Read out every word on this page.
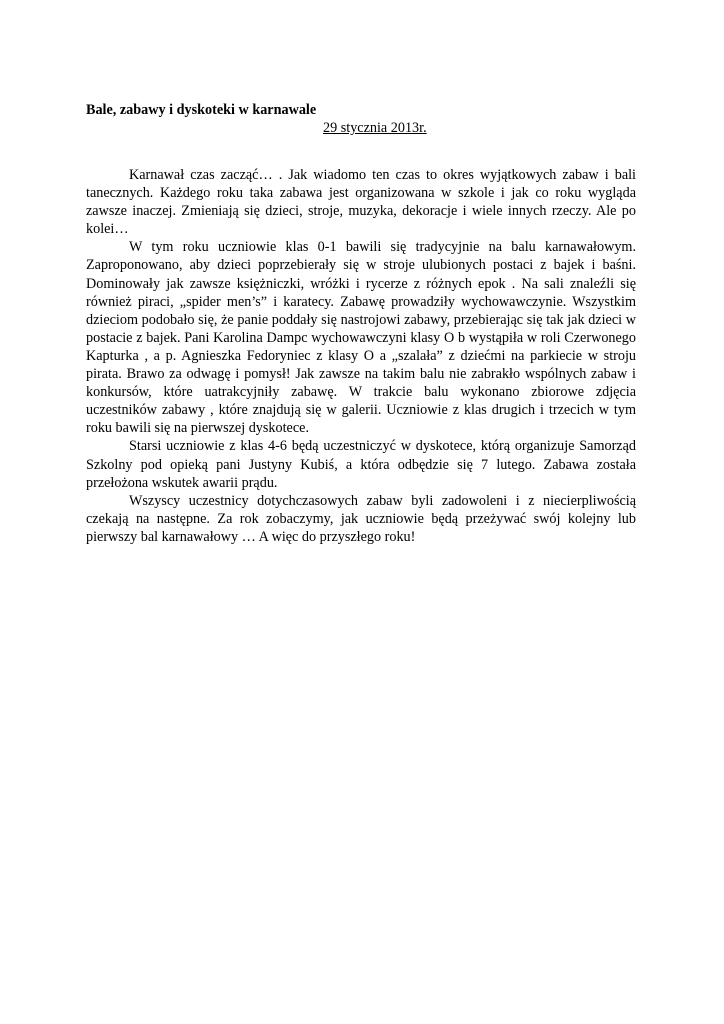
Bale, zabawy i dyskoteki w karnawale
29 stycznia 2013r.

Karnawał czas zacząć… . Jak wiadomo ten czas to okres wyjątkowych zabaw i bali tanecznych. Każdego roku taka zabawa jest organizowana w szkole i jak co roku wygląda zawsze inaczej. Zmieniają się dzieci, stroje, muzyka, dekoracje i wiele innych rzeczy. Ale po kolei…

W tym roku uczniowie klas 0-1 bawili się tradycyjnie na balu karnawałowym. Zaproponowano, aby dzieci poprzebierały się w stroje ulubionych postaci z bajek i baśni. Dominowały jak zawsze księżniczki, wróżki i rycerze z różnych epok . Na sali znaleźli się również piraci, „spider men’s” i karatecy. Zabawę prowadziły wychowawczynie. Wszystkim dzieciom podobało się, że panie poddały się nastrojowi zabawy, przebierając się tak jak dzieci w postacie z bajek. Pani Karolina Dampc wychowawczyni klasy O b wystąpiła w roli Czerwonego Kapturka , a p. Agnieszka Fedoryniec z klasy O a „szalała” z dziećmi na parkiecie w stroju pirata. Brawo za odwagę i pomysł! Jak zawsze na takim balu nie zabrakło wspólnych zabaw i konkursów, które uatrakcyjniły zabawę. W trakcie balu wykonano zbiorowe zdjęcia uczestników zabawy , które znajdują się w galerii. Uczniowie z klas drugich i trzecich w tym roku bawili się na pierwszej dyskotece.

Starsi uczniowie z klas 4-6 będą uczestniczyć w dyskotece, którą organizuje Samorząd Szkolny pod opieką pani Justyny Kubiś, a która odbędzie się 7 lutego. Zabawa została przełożona wskutek awarii prądu.

Wszyscy uczestnicy dotychczasowych zabaw byli zadowoleni i z niecierpliwością czekają na następne. Za rok zobaczymy, jak uczniowie będą przeżywać swój kolejny lub pierwszy bal karnawałowy … A więc do przyszłego roku!
